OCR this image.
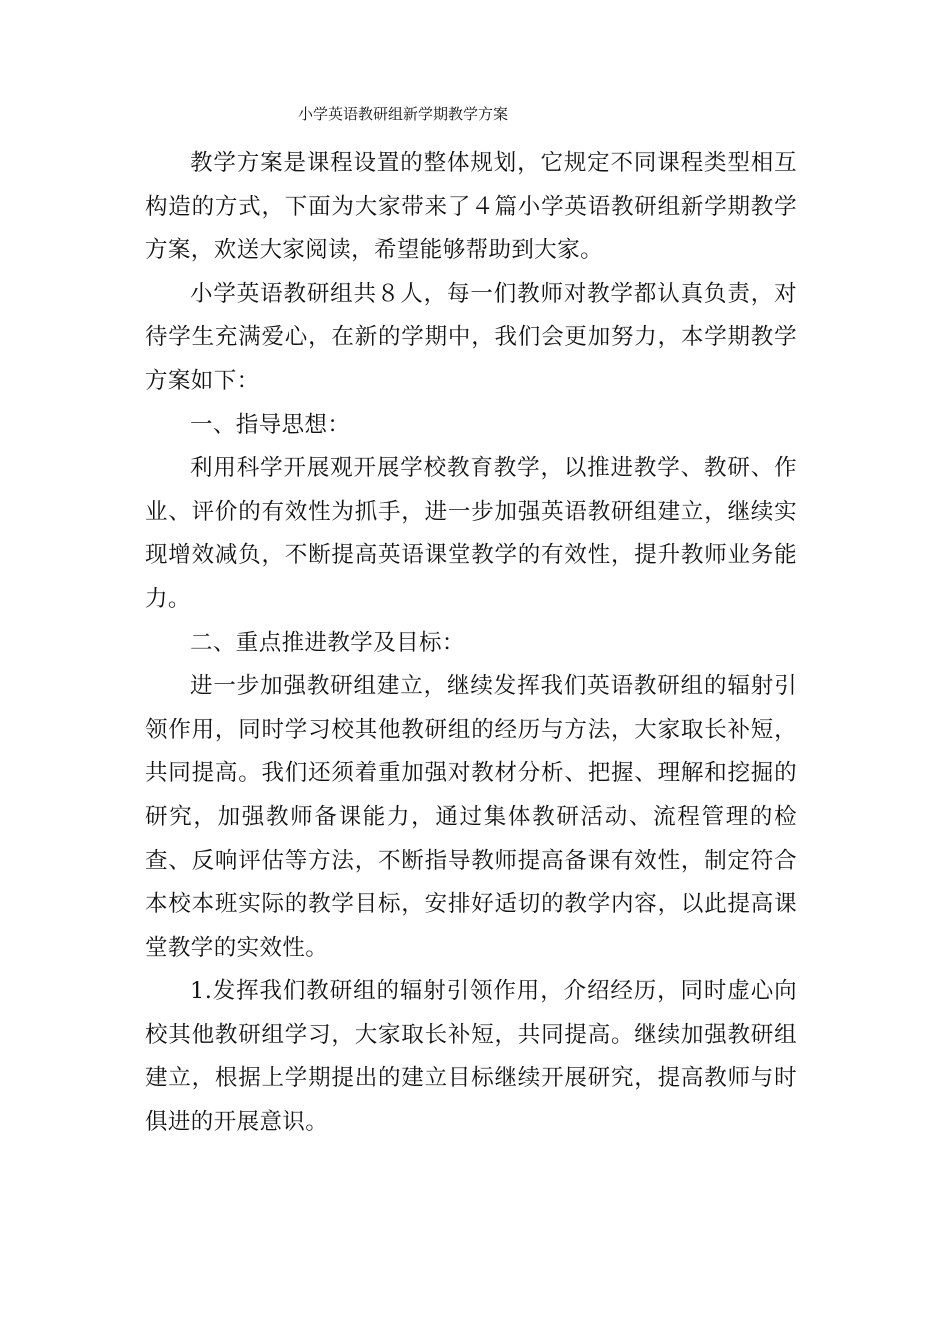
小学英语教研组新学期教学方案

教学方案是课程设置的整体规划，它规定不同课程类型相互构造的方式，下面为大家带来了４篇小学英语教研组新学期教学方案，欢送大家阅读，希望能够帮助到大家。

小学英语教研组共８人，每一们教师对教学都认真负责，对待学生充满爱心，在新的学期中，我们会更加努力，本学期教学方案如下：

一、指导思想：

利用科学开展观开展学校教育教学，以推进教学、教研、作业、评价的有效性为抓手，进一步加强英语教研组建立，继续实现增效减负，不断提高英语课堂教学的有效性，提升教师业务能力。

二、重点推进教学及目标：

进一步加强教研组建立，继续发挥我们英语教研组的辐射引领作用，同时学习校其他教研组的经历与方法，大家取长补短，共同提高。我们还须着重加强对教材分析、把握、理解和挖掘的研究，加强教师备课能力，通过集体教研活动、流程管理的检查、反响评估等方法，不断指导教师提高备课有效性，制定符合本校本班实际的教学目标，安排好适切的教学内容，以此提高课堂教学的实效性。

1.发挥我们教研组的辐射引领作用，介绍经历，同时虚心向校其他教研组学习，大家取长补短，共同提高。继续加强教研组建立，根据上学期提出的建立目标继续开展研究，提高教师与时俱进的开展意识。
